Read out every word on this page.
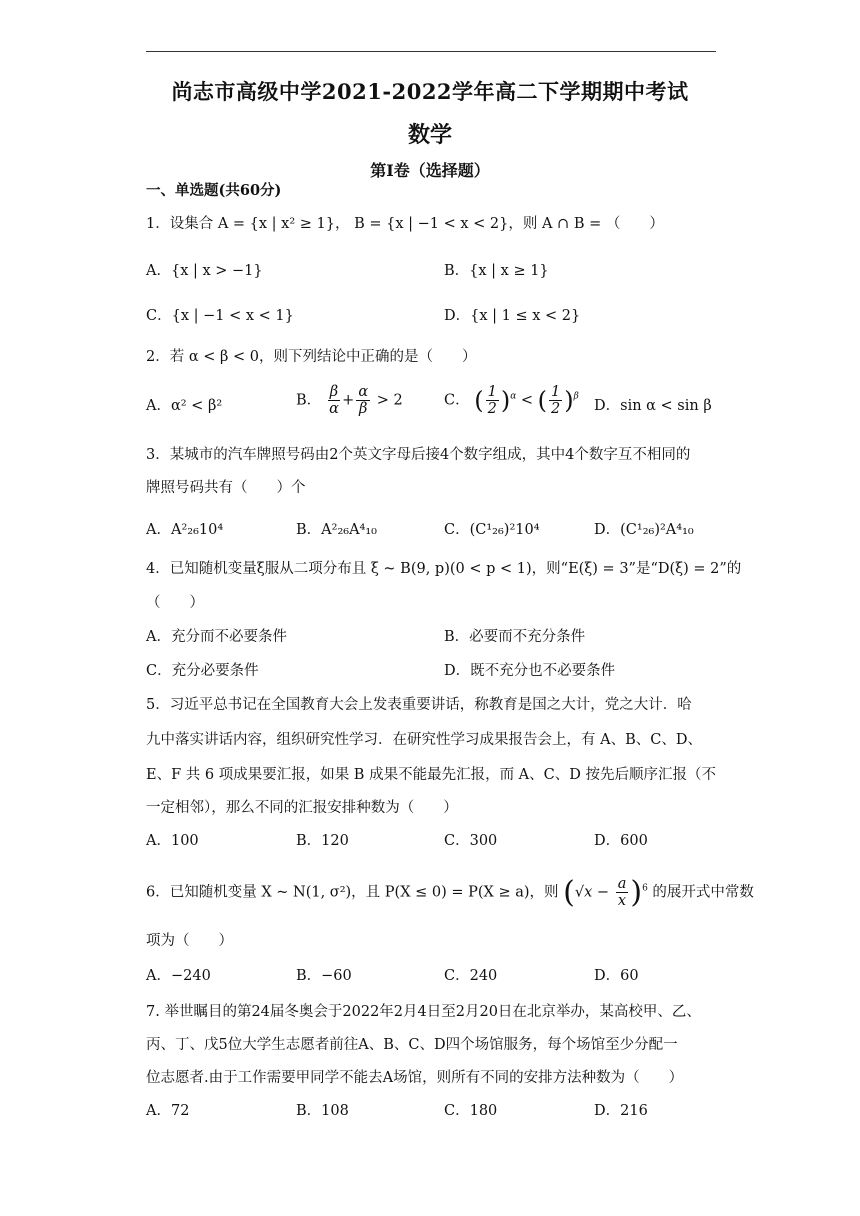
尚志市高级中学2021-2022学年高二下学期期中考试
数学
第Ⅰ卷（选择题）
一、单选题(共60分)
1．设集合 A = {x | x² ≥ 1}， B = {x | −1 < x < 2}，则 A ∩ B = （　　）
A．{x | x > −1}	B．{x | x ≥ 1}
C．{x | −1 < x < 1}	D．{x | 1 ≤ x < 2}
2．若 α < β < 0，则下列结论中正确的是（　　）
A．α² < β²	B． $\frac{\beta}{\alpha} + \frac{\alpha}{\beta} > 2$	C． ( $\frac{1}{2} )^\alpha$ < ( $\frac{1}{2} )^\beta$
D．sin α < sin β
3．某城市的汽车牌照号码由2个英文字母后接4个数字组成，其中4个数字互不相同的
牌照号码共有（　　）个
A．A²₂₆10⁴	B．A²₂₆A⁴₁₀	C．(C¹₂₆)²10⁴	D．(C¹₂₆)²A⁴₁₀
4．已知随机变量ξ服从二项分布且 ξ ~ B(9, p)(0 < p < 1)，则“E(ξ) = 3”是“D(ξ) = 2”的
（　　）
A．充分而不必要条件	B．必要而不充分条件
C．充分必要条件	D．既不充分也不必要条件
5．习近平总书记在全国教育大会上发表重要讲话，称教育是国之大计，党之大计．哈
九中落实讲话内容，组织研究性学习．在研究性学习成果报告会上，有 A、B、C、D、
E、F 共 6 项成果要汇报，如果 B 成果不能最先汇报，而 A、C、D 按先后顺序汇报（不
一定相邻），那么不同的汇报安排种数为（　　）
A．100	B．120	C．300	D．600
6．已知随机变量 X ~ N(1, σ²)，且 P(X ≤ 0) = P(X ≥ a)，则 $(√x - \frac{a}{x} )^6$ 的展开式中常数
项为（　　）
A．−240	B．−60	C．240	D．60
7. 举世瞩目的第24届冬奥会于2022年2月4日至2月20日在北京举办，某高校甲、乙、
丙、丁、戊5位大学生志愿者前往A、B、C、D四个场馆服务，每个场馆至少分配一
位志愿者.由于工作需要甲同学不能去A场馆，则所有不同的安排方法种数为（　　）
A．72	B．108	C．180	D．216
